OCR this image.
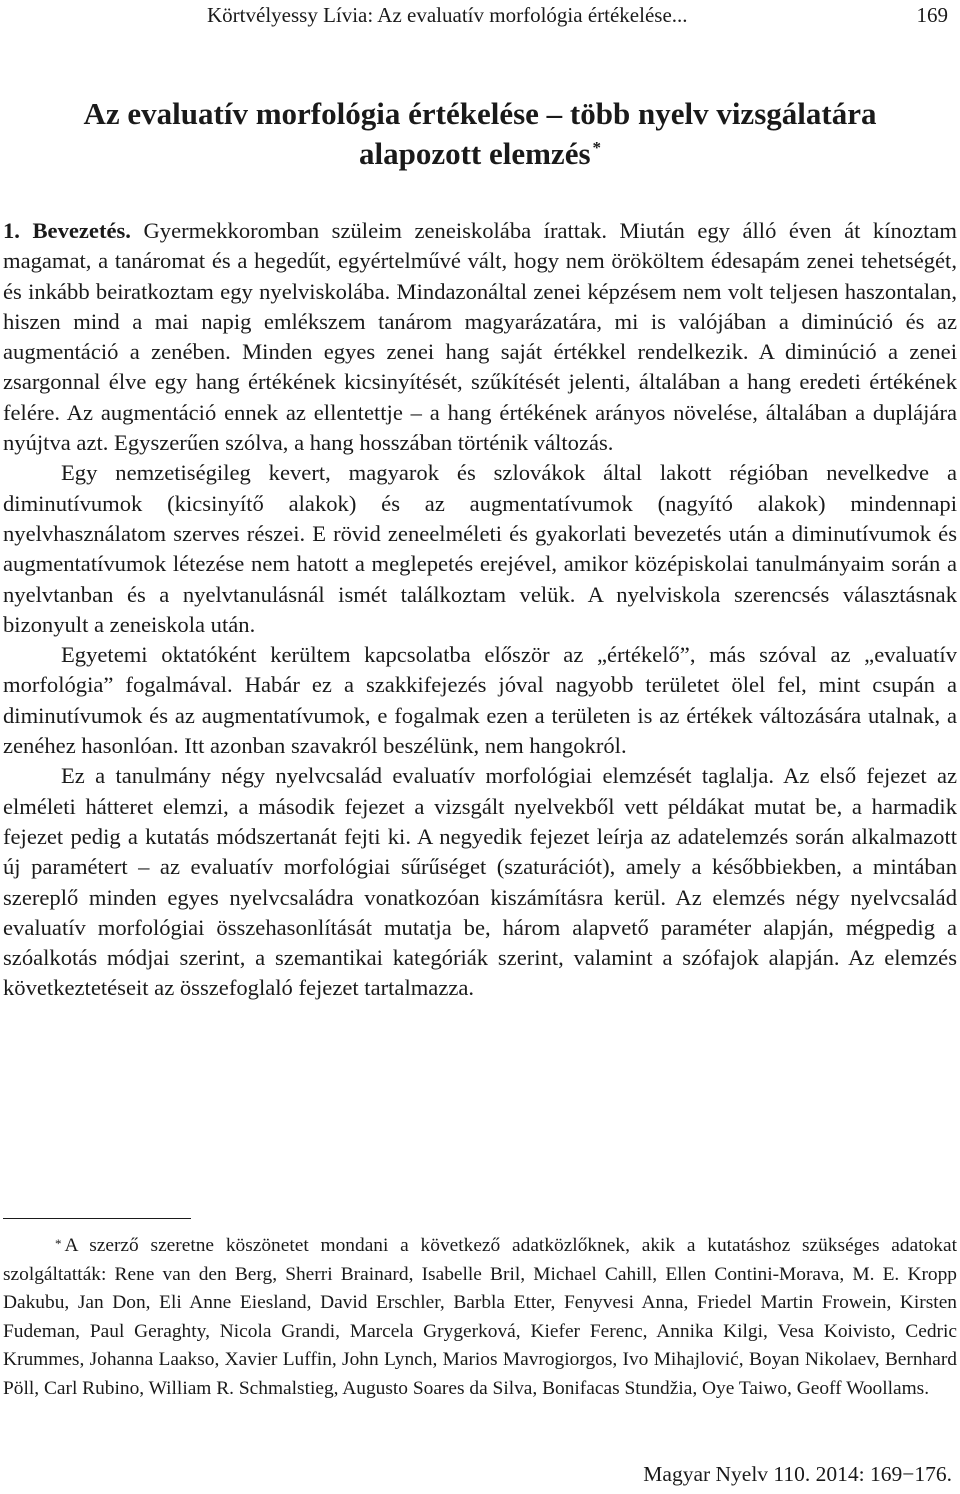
Körtvélyessy Lívia: Az evaluatív morfológia értékelése...	169
Az evaluatív morfológia értékelése – több nyelv vizsgálatára alapozott elemzés *

1. Bevezetés. Gyermekkoromban szüleim zeneiskolába írattak. Miután egy álló éven át kínoztam magamat, a tanáromat és a hegedűt, egyértelművé vált, hogy nem örököltem édesapám zenei tehetségét, és inkább beiratkoztam egy nyelviskolába. Mindazonáltal zenei képzésem nem volt teljesen haszontalan, hiszen mind a mai napig emlékszem tanárom magyarázatára, mi is valójában a diminúció és az augmentáció a zenében. Minden egyes zenei hang saját értékkel rendelkezik. A diminúció a zenei zsargonnal élve egy hang értékének kicsinyítését, szűkítését jelenti, általában a hang eredeti értékének felére. Az augmentáció ennek az ellentettje – a hang értékének arányos növelése, általában a duplájára nyújtva azt. Egyszerűen szólva, a hang hosszában történik változás.

Egy nemzetiségileg kevert, magyarok és szlovákok által lakott régióban nevelkedve a diminutívumok (kicsinyítő alakok) és az augmentatívumok (nagyító alakok) mindennapi nyelvhasználatom szerves részei. E rövid zeneelméleti és gyakorlati bevezetés után a diminutívumok és augmentatívumok létezése nem hatott a meglepetés erejével, amikor középiskolai tanulmányaim során a nyelvtanban és a nyelvtanulásnál ismét találkoztam velük. A nyelviskola szerencsés választásnak bizonyult a zeneiskola után.

Egyetemi oktatóként kerültem kapcsolatba először az „értékelő”, más szóval az „evaluatív morfológia” fogalmával. Habár ez a szakkifejezés jóval nagyobb területet ölel fel, mint csupán a diminutívumok és az augmentatívumok, e fogalmak ezen a területen is az értékek változására utalnak, a zenéhez hasonlóan. Itt azonban szavakról beszélünk, nem hangokról.

Ez a tanulmány négy nyelvcsalád evaluatív morfológiai elemzését taglalja. Az első fejezet az elméleti hátteret elemzi, a második fejezet a vizsgált nyelvekből vett példákat mutat be, a harmadik fejezet pedig a kutatás módszertanát fejti ki. A negyedik fejezet leírja az adatelemzés során alkalmazott új paramétert – az evaluatív morfológiai sűrűséget (szaturációt), amely a későbbiekben, a mintában szereplő minden egyes nyelvcsaládra vonatkozóan kiszámításra kerül. Az elemzés négy nyelvcsalád evaluatív morfológiai összehasonlítását mutatja be, három alapvető paraméter alapján, mégpedig a szóalkotás módjai szerint, a szemantikai kategóriák szerint, valamint a szófajok alapján. Az elemzés következtetéseit az összefoglaló fejezet tartalmazza.

* A szerző szeretne köszönetet mondani a következő adatközlőknek, akik a kutatáshoz szükséges adatokat szolgáltatták: Rene van den Berg, Sherri Brainard, Isabelle Bril, Michael Cahill, Ellen Contini-Morava, M. E. Kropp Dakubu, Jan Don, Eli Anne Eiesland, David Erschler, Barbla Etter, Fenyvesi Anna, Friedel Martin Frowein, Kirsten Fudeman, Paul Geraghty, Nicola Grandi, Marcela Grygerková, Kiefer Ferenc, Annika Kilgi, Vesa Koivisto, Cedric Krummes, Johanna Laakso, Xavier Luffin, John Lynch, Marios Mavrogiorgos, Ivo Mihajlović, Boyan Nikolaev, Bernhard Pöll, Carl Rubino, William R. Schmalstieg, Augusto Soares da Silva, Bonifacas Stundžia, Oye Taiwo, Geoff Woollams.
Magyar Nyelv 110. 2014: 169−176.
